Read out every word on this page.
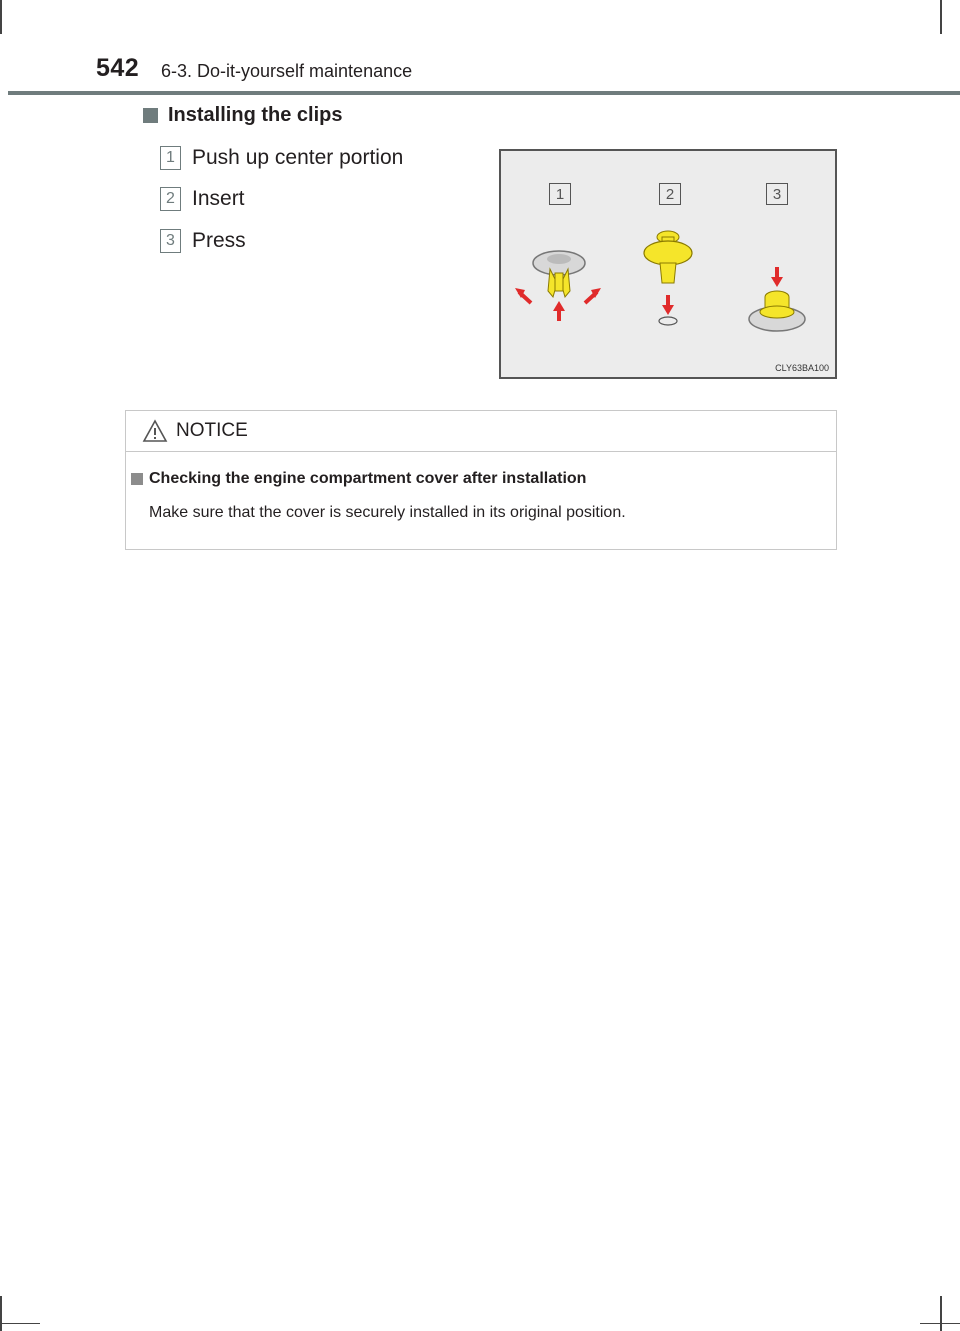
542 6-3. Do-it-yourself maintenance
Installing the clips
1 Push up center portion
2 Insert
3 Press
1	2	3
CLY63BA100
NOTICE
Checking the engine compartment cover after installation
Make sure that the cover is securely installed in its original position.
